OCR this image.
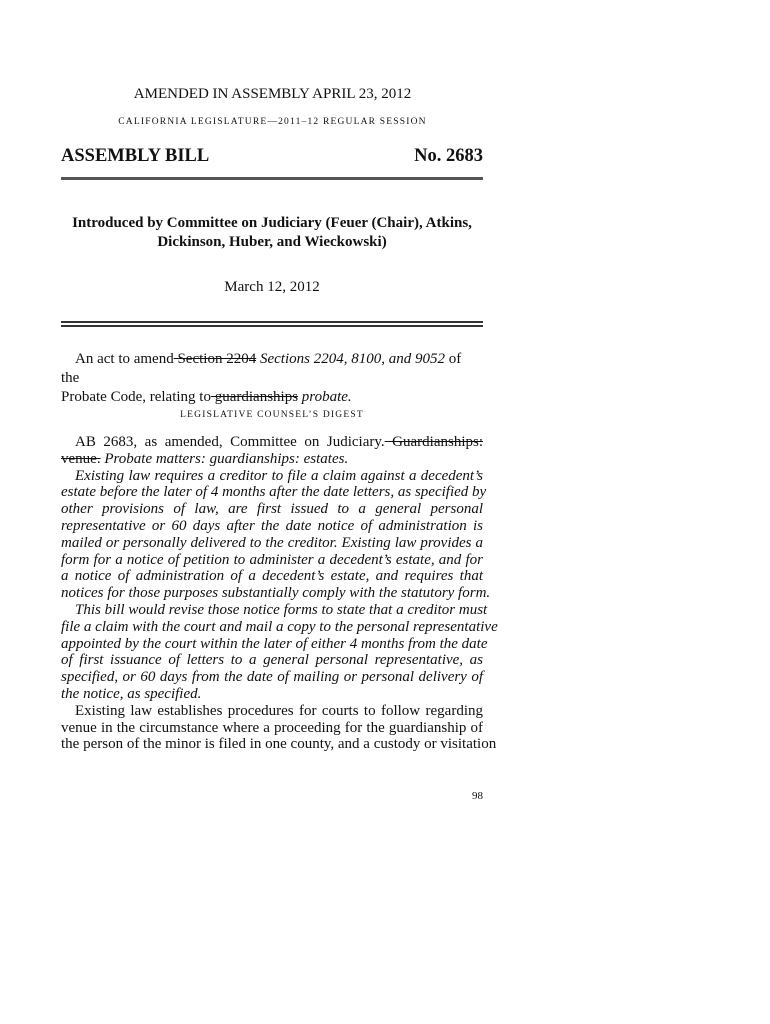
AMENDED IN ASSEMBLY APRIL 23, 2012
CALIFORNIA LEGISLATURE—2011–12 REGULAR SESSION
ASSEMBLY BILL	No. 2683
Introduced by Committee on Judiciary (Feuer (Chair), Atkins,
Dickinson, Huber, and Wieckowski)
March 12, 2012
An act to amend Section 2204 Sections 2204, 8100, and 9052 of the
Probate Code, relating to guardianships probate.
LEGISLATIVE COUNSEL’S DIGEST
AB 2683, as amended, Committee on Judiciary. Guardianships:
venue. Probate matters: guardianships: estates.
Existing law requires a creditor to file a claim against a decedent’s
estate before the later of 4 months after the date letters, as specified by
other provisions of law, are first issued to a general personal
representative or 60 days after the date notice of administration is
mailed or personally delivered to the creditor. Existing law provides a
form for a notice of petition to administer a decedent’s estate, and for
a notice of administration of a decedent’s estate, and requires that
notices for those purposes substantially comply with the statutory form.
This bill would revise those notice forms to state that a creditor must
file a claim with the court and mail a copy to the personal representative
appointed by the court within the later of either 4 months from the date
of first issuance of letters to a general personal representative, as
specified, or 60 days from the date of mailing or personal delivery of
the notice, as specified.
Existing law establishes procedures for courts to follow regarding
venue in the circumstance where a proceeding for the guardianship of
the person of the minor is filed in one county, and a custody or visitation
98
